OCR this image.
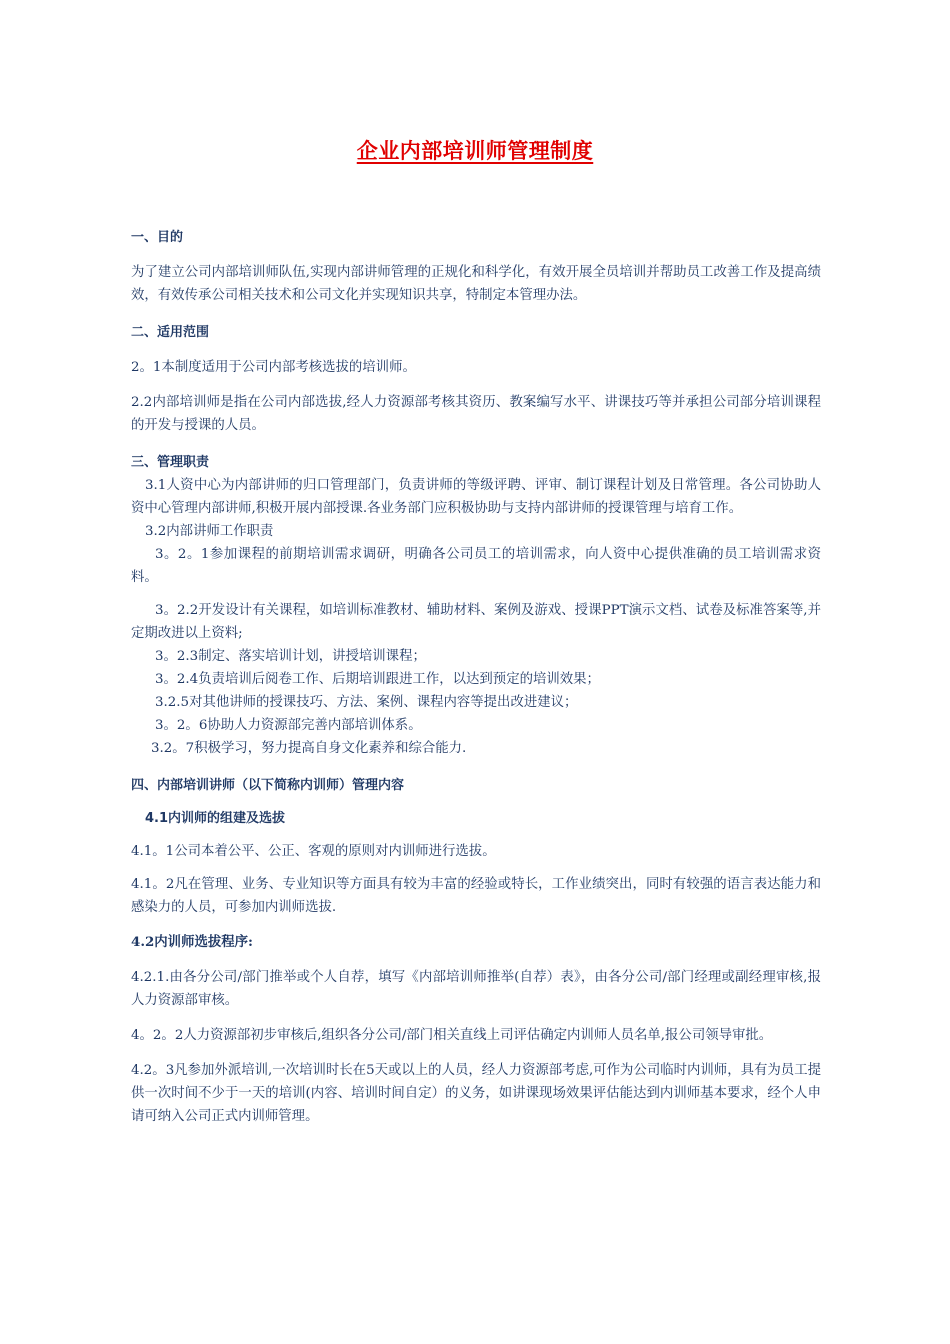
企业内部培训师管理制度

一、目的

为了建立公司内部培训师队伍,实现内部讲师管理的正规化和科学化，有效开展全员培训并帮助员工改善工作及提高绩效，有效传承公司相关技术和公司文化并实现知识共享，特制定本管理办法。

二、适用范围

2。1本制度适用于公司内部考核选拔的培训师。

2.2内部培训师是指在公司内部选拔,经人力资源部考核其资历、教案编写水平、讲课技巧等并承担公司部分培训课程的开发与授课的人员。

三、管理职责

3.1人资中心为内部讲师的归口管理部门，负责讲师的等级评聘、评审、制订课程计划及日常管理。各公司协助人资中心管理内部讲师,积极开展内部授课.各业务部门应积极协助与支持内部讲师的授课管理与培育工作。

3.2内部讲师工作职责

3。2。1参加课程的前期培训需求调研，明确各公司员工的培训需求，向人资中心提供准确的员工培训需求资料。

3。2.2开发设计有关课程，如培训标准教材、辅助材料、案例及游戏、授课PPT演示文档、试卷及标准答案等,并定期改进以上资料;

3。2.3制定、落实培训计划，讲授培训课程；

3。2.4负责培训后阅卷工作、后期培训跟进工作，以达到预定的培训效果；

3.2.5对其他讲师的授课技巧、方法、案例、课程内容等提出改进建议；

3。2。6协助人力资源部完善内部培训体系。

3.2。7积极学习，努力提高自身文化素养和综合能力.

四、内部培训讲师（以下简称内训师）管理内容

4.1内训师的组建及选拔

4.1。1公司本着公平、公正、客观的原则对内训师进行选拔。

4.1。2凡在管理、业务、专业知识等方面具有较为丰富的经验或特长，工作业绩突出，同时有较强的语言表达能力和感染力的人员，可参加内训师选拔.

4.2内训师选拔程序:

4.2.1.由各分公司/部门推举或个人自荐，填写《内部培训师推举(自荐）表》，由各分公司/部门经理或副经理审核,报人力资源部审核。

4。2。2人力资源部初步审核后,组织各分公司/部门相关直线上司评估确定内训师人员名单,报公司领导审批。

4.2。3凡参加外派培训,一次培训时长在5天或以上的人员，经人力资源部考虑,可作为公司临时内训师，具有为员工提供一次时间不少于一天的培训(内容、培训时间自定）的义务，如讲课现场效果评估能达到内训师基本要求，经个人申请可纳入公司正式内训师管理。
